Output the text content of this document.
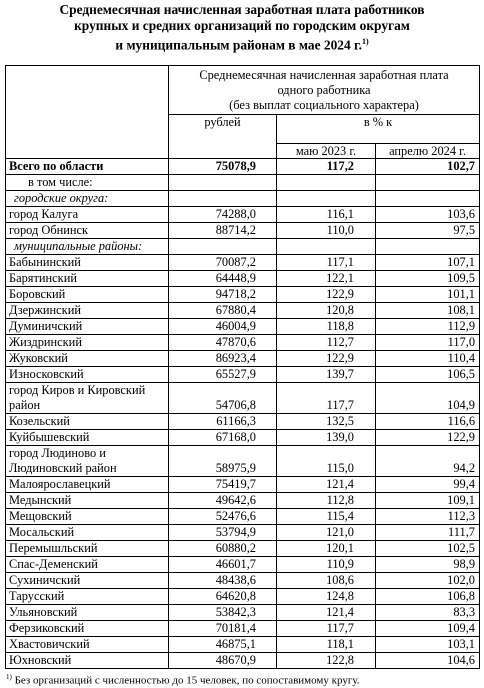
Среднемесячная начисленная заработная плата работников
крупных и средних организаций по городским округам
и муниципальным районам в мае 2024 г.$^{1)}$

	Среднемесячная начисленная заработная плата
одного работника
(без выплат социального характера)		

	рублей	в % к	
		маю 2023 г.	апрелю 2024 г.
Всего по области	75078,9	117,2	102,7
в том числе:			
городские округа:			
город Калуга	74288,0	116,1	103,6
город Обнинск	88714,2	110,0	97,5
муниципальные районы:			
Бабынинский	70087,2	117,1	107,1
Барятинский	64448,9	122,1	109,5
Боровский	94718,2	122,9	101,1
Дзержинский	67880,4	120,8	108,1
Думиничский	46004,9	118,8	112,9
Жиздринский	47870,6	112,7	117,0
Жуковский	86923,4	122,9	110,4
Износковский	65527,9	139,7	106,5
город Киров и Кировский район	54706,8	117,7	104,9
Козельский	61166,3	132,5	116,6
Куйбышевский	67168,0	139,0	122,9
город Людиново и Людиновский район	58975,9	115,0	94,2
Малоярославецкий	75419,7	121,4	99,4
Медынский	49642,6	112,8	109,1
Мещовский	52476,6	115,4	112,3
Мосальский	53794,9	121,0	111,7
Перемышльский	60880,2	120,1	102,5
Спас-Деменский	46601,7	110,9	98,9
Сухиничский	48438,6	108,6	102,0
Тарусский	64620,8	124,8	106,8
Ульяновский	53842,3	121,4	83,3
Ферзиковский	70181,4	117,7	109,4
Хвастовичский	46875,1	118,1	103,1
Юхновский	48670,9	122,8	104,6
$^{1)}$ Без организаций с численностью до 15 человек, по сопоставимому кругу.
